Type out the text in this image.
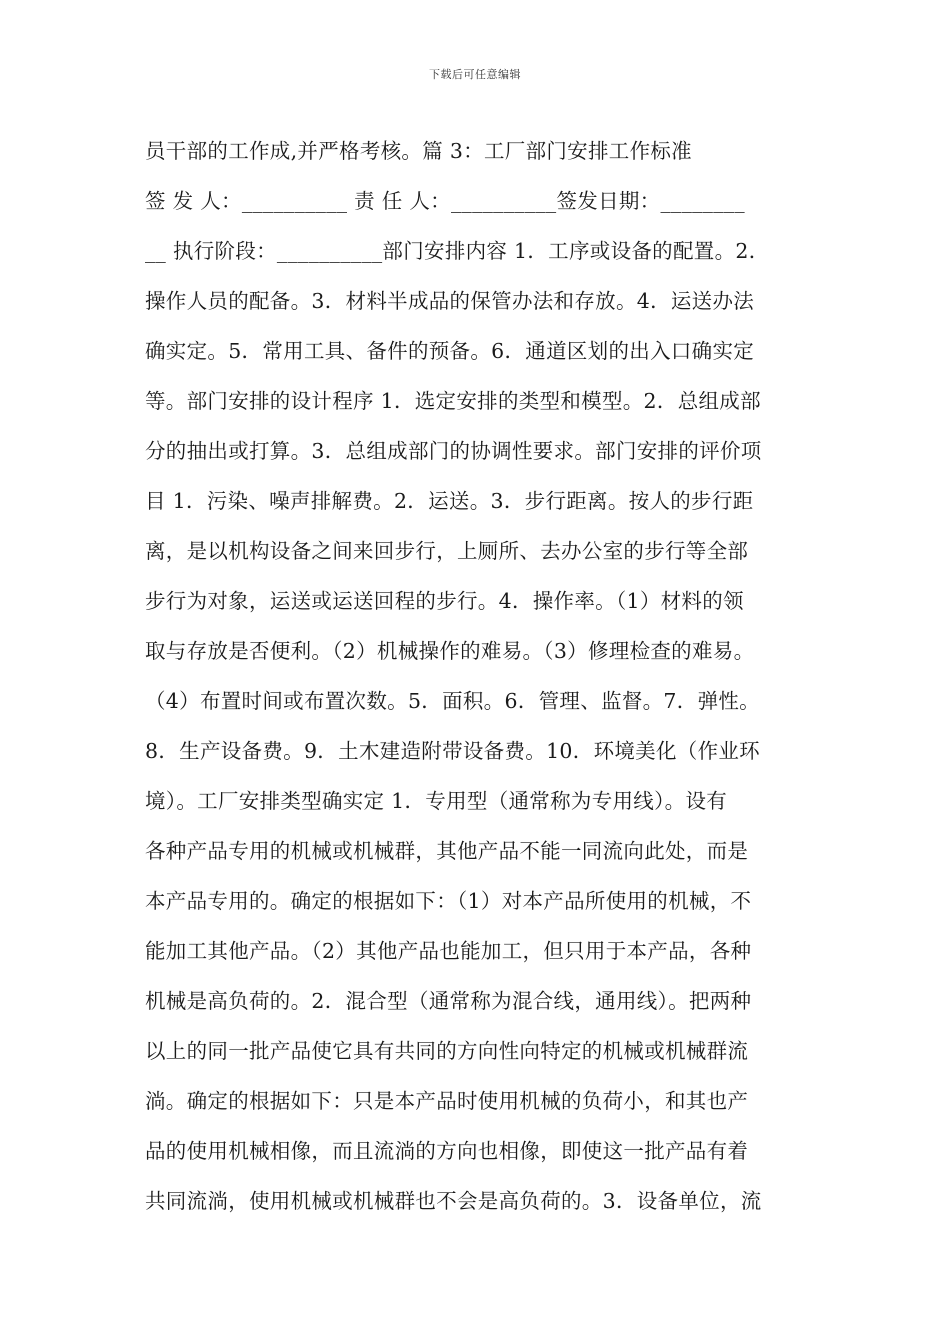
下载后可任意编辑
员干部的工作成,并严格考核。篇 3：工厂部门安排工作标准
签 发 人：__________ 责 任 人：__________签发日期：________
__ 执行阶段：__________部门安排内容 1．工序或设备的配置。2．
操作人员的配备。3．材料半成品的保管办法和存放。4．运送办法
确实定。5．常用工具、备件的预备。6．通道区划的出入口确实定
等。部门安排的设计程序 1．选定安排的类型和模型。2．总组成部
分的抽出或打算。3．总组成部门的协调性要求。部门安排的评价项
目 1．污染、噪声排解费。2．运送。3．步行距离。按人的步行距
离，是以机构设备之间来回步行，上厕所、去办公室的步行等全部
步行为对象，运送或运送回程的步行。4．操作率。（1）材料的领
取与存放是否便利。（2）机械操作的难易。（3）修理检查的难易。
（4）布置时间或布置次数。5．面积。6．管理、监督。7．弹性。
8．生产设备费。9．土木建造附带设备费。10．环境美化（作业环
境）。工厂安排类型确实定 1．专用型（通常称为专用线）。设有
各种产品专用的机械或机械群，其他产品不能一同流向此处，而是
本产品专用的。确定的根据如下：（1）对本产品所使用的机械，不
能加工其他产品。（2）其他产品也能加工，但只用于本产品，各种
机械是高负荷的。2．混合型（通常称为混合线，通用线）。把两种
以上的同一批产品使它具有共同的方向性向特定的机械或机械群流
淌。确定的根据如下：只是本产品时使用机械的负荷小，和其也产
品的使用机械相像，而且流淌的方向也相像，即使这一批产品有着
共同流淌，使用机械或机械群也不会是高负荷的。3．设备单位，流
